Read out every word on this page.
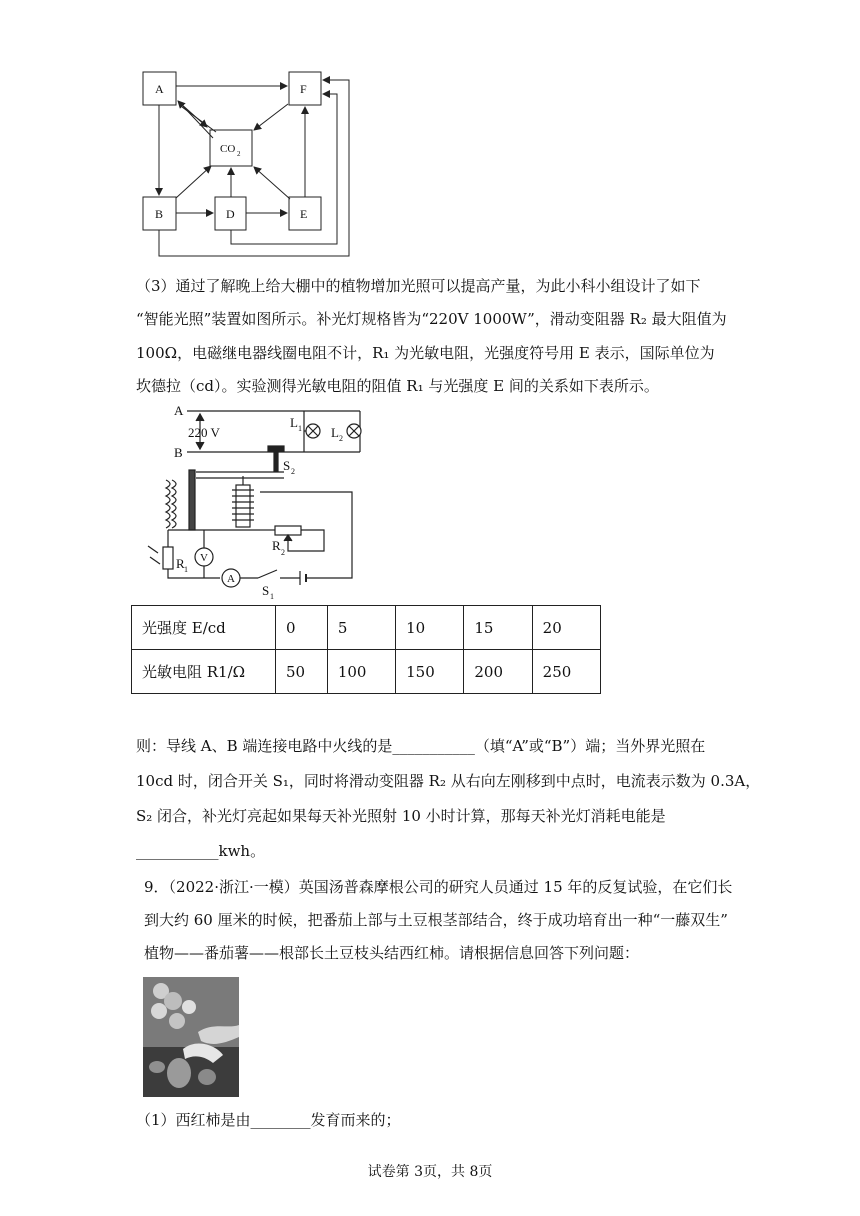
A	F
B	D	E
CO 2
（3）通过了解晚上给大棚中的植物增加光照可以提高产量，为此小科小组设计了如下
“智能光照”装置如图所示。补光灯规格皆为“220V 1000W”，滑动变阻器 R₂ 最大阻值为
100Ω，电磁继电器线圈电阻不计，R₁ 为光敏电阻，光强度符号用 E 表示，国际单位为
坎德拉（cd）。实验测得光敏电阻的阻值 R₁ 与光强度 E 间的关系如下表所示。
A
B
220 V
L 1 L 2
S 2
R 1
R 2
V
A
S 1
光强度 E/cd	0	5	10	15	20
光敏电阻 R1/Ω	50	100	150	200	250
则：导线 A、B 端连接电路中火线的是___________（填“A”或“B”）端；当外界光照在
10cd 时，闭合开关 S₁，同时将滑动变阻器 R₂ 从右向左刚移到中点时，电流表示数为 0.3A，
S₂ 闭合，补光灯亮起如果每天补光照射 10 小时计算，那每天补光灯消耗电能是
___________kwh。
9．（2022·浙江·一模）英国汤普森摩根公司的研究人员通过 15 年的反复试验，在它们长
到大约 60 厘米的时候，把番茄上部与土豆根茎部结合，终于成功培育出一种“一藤双生”
植物——番茄薯——根部长土豆枝头结西红柿。请根据信息回答下列问题：
（1）西红柿是由________发育而来的；
试卷第 3页，共 8页
